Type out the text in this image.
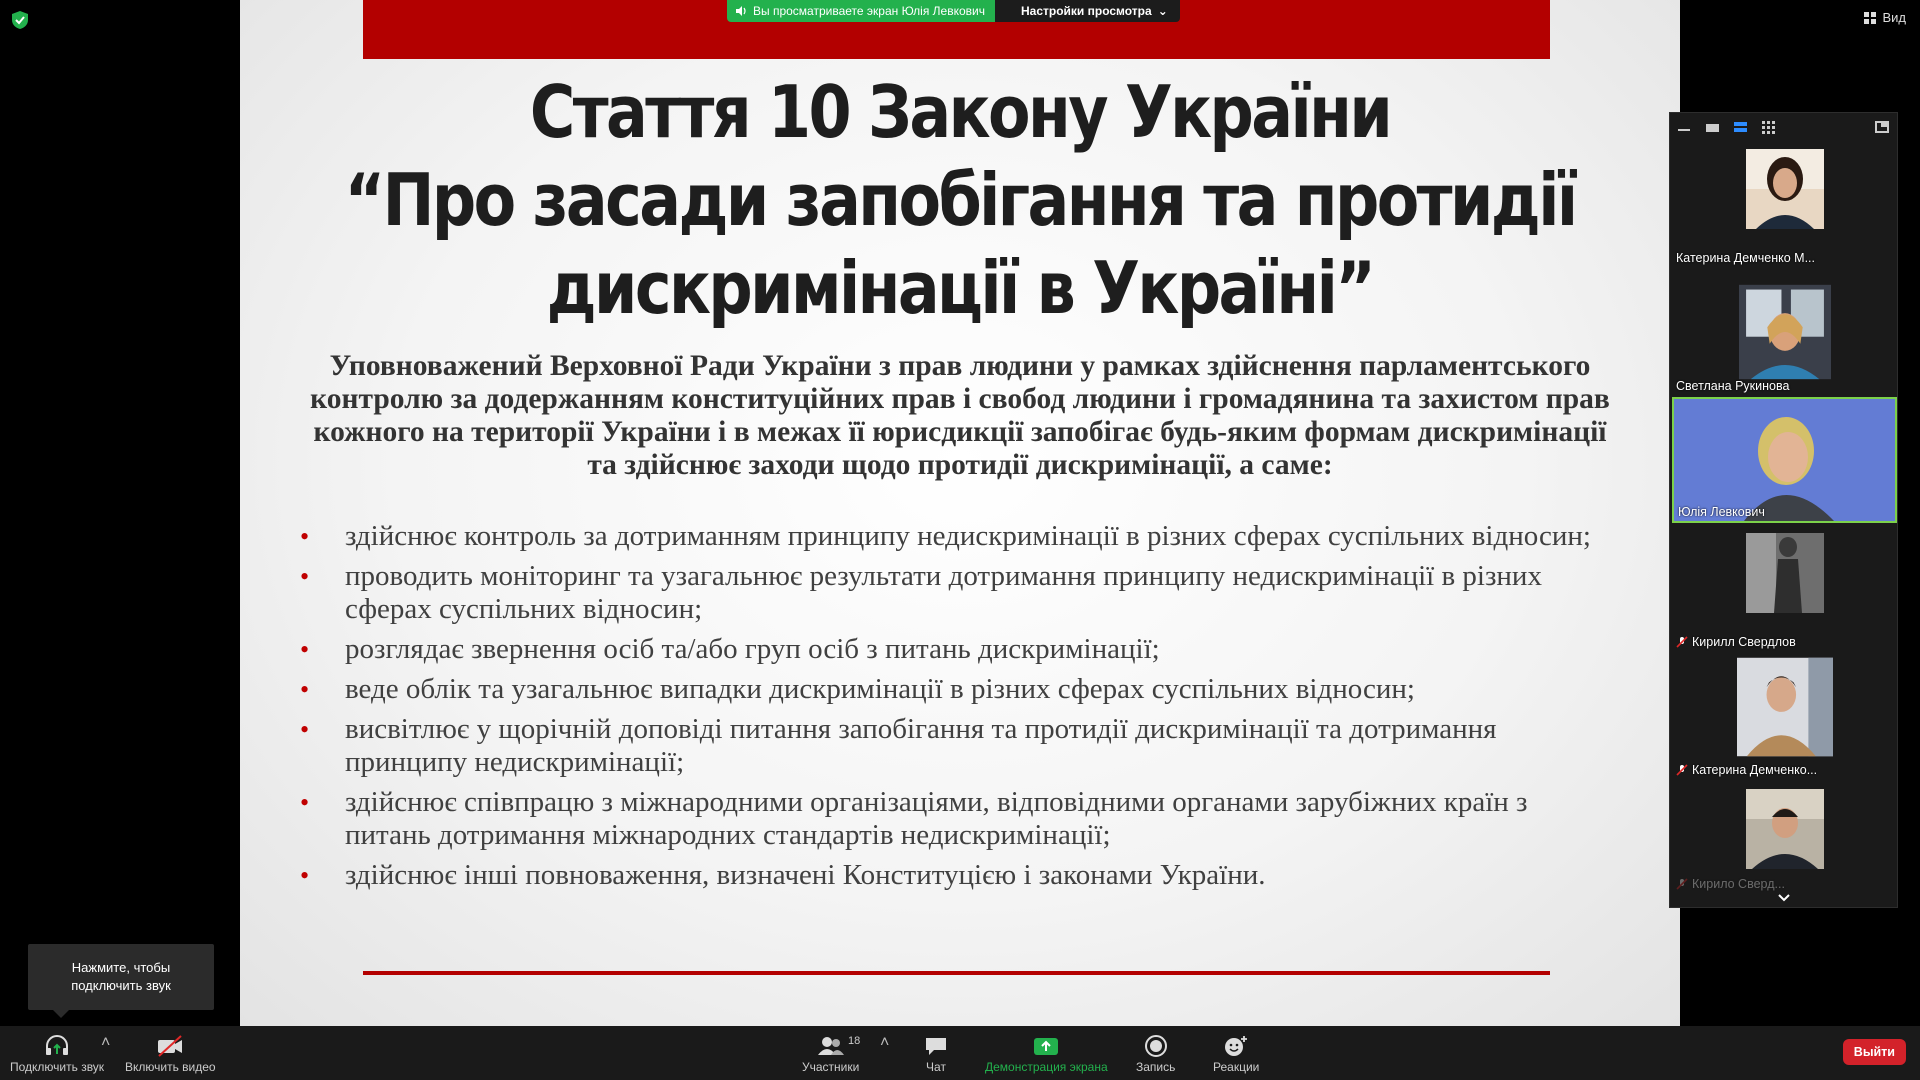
Вид
Стаття 10 Закону України
“Про засади запобігання та протидії
дискримінації в Україні”
Уповноважений Верховної Ради України з прав людини у рамках здійснення парламентського контролю за додержанням конституційних прав і свобод людини і громадянина та захистом прав кожного на території України і в межах її юрисдикції запобігає будь-яким формам дискримінації та здійснює заходи щодо протидії дискримінації, а саме:
• здійснює контроль за дотриманням принципу недискримінації в різних сферах суспільних відносин;
• проводить моніторинг та узагальнює результати дотримання принципу недискримінації в різних сферах суспільних відносин;
• розглядає звернення осіб та/або груп осіб з питань дискримінації;
• веде облік та узагальнює випадки дискримінації в різних сферах суспільних відносин;
• висвітлює у щорічній доповіді питання запобігання та протидії дискримінації та дотримання принципу недискримінації;
• здійснює співпрацю з міжнародними організаціями, відповідними органами зарубіжних країн з питань дотримання міжнародних стандартів недискримінації;
• здійснює інші повноваження, визначені Конституцією і законами України.
Вы просматриваете экран Юлія Левкович	Настройки просмотра ⌄
Катерина Демченко М...
Светлана Рукинова
Юлія Левкович
Кирилл Свердлов
Катерина Демченко...
Кирило Сверд...
Нажмите, чтобы подключить звук
Подключить звук
˄
Включить видео	Участники
18 ˄
Чат	Демонстрация экрана Запись	Реакции
Выйти
